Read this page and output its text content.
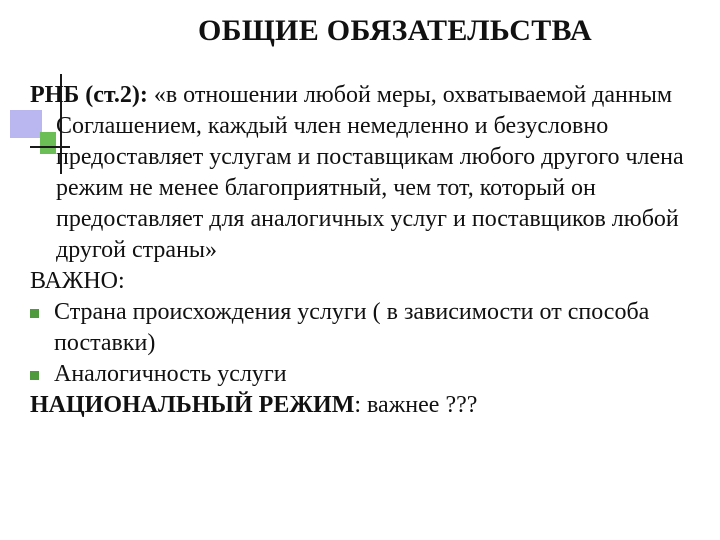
ОБЩИЕ ОБЯЗАТЕЛЬСТВА

РНБ (ст.2): «в отношении любой меры, охватываемой данным Соглашением, каждый член немедленно и безусловно предоставляет услугам и поставщикам любого другого члена режим не менее благоприятный, чем тот, который он предоставляет для аналогичных услуг и поставщиков любой другой страны»

ВАЖНО:

Страна происхождения услуги ( в зависимости от способа поставки)
Аналогичность услуги

НАЦИОНАЛЬНЫЙ РЕЖИМ: важнее ???
